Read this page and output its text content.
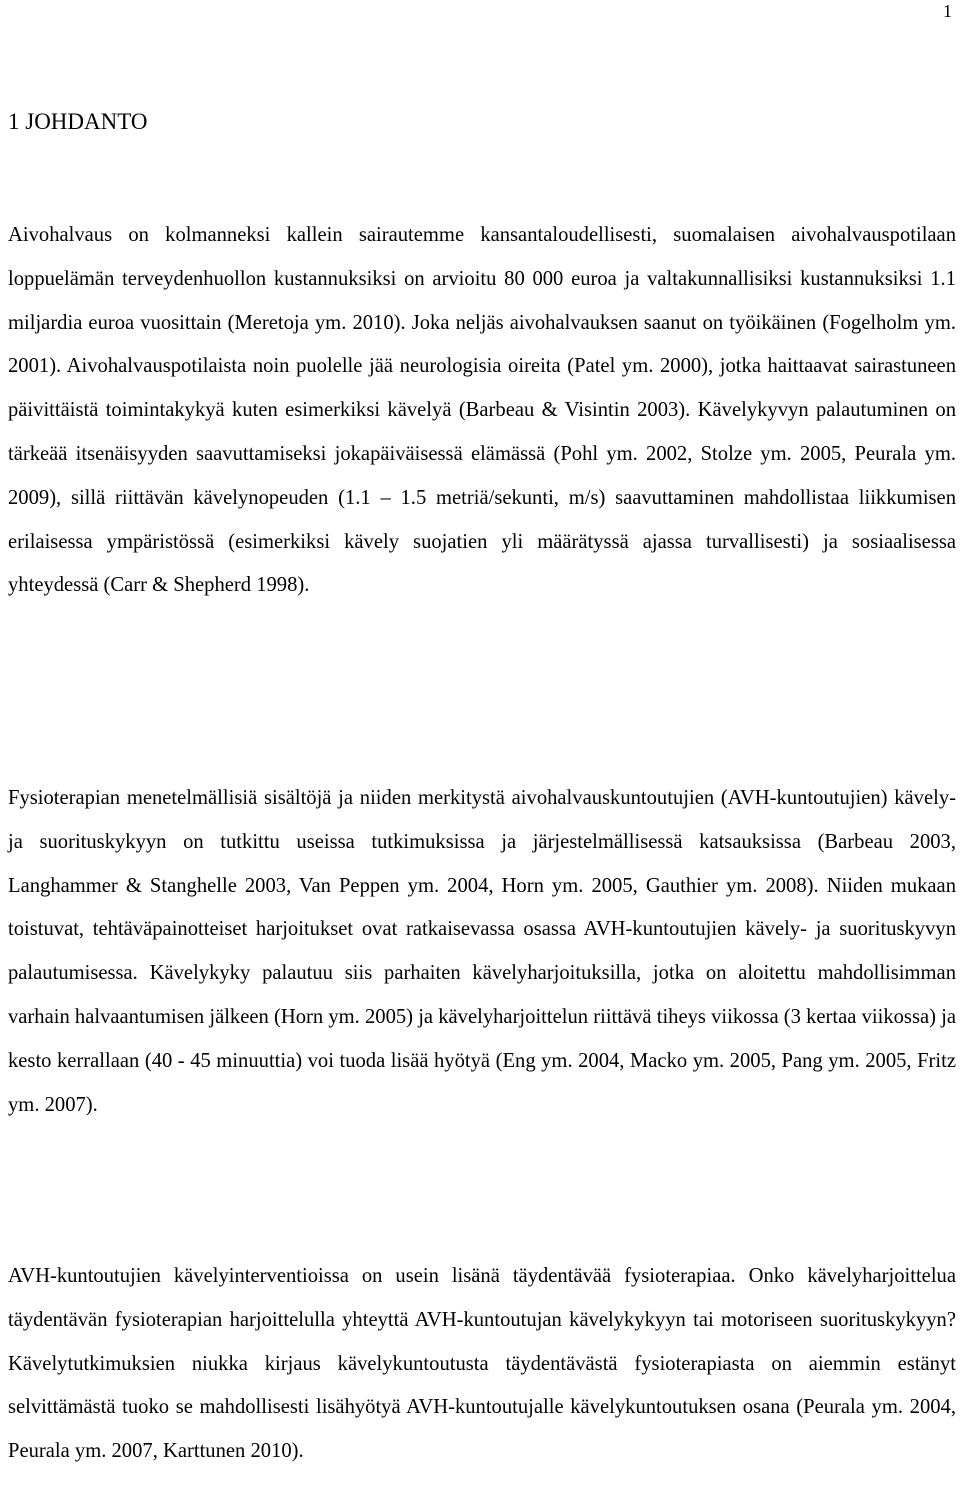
1
1 JOHDANTO

Aivohalvaus on kolmanneksi kallein sairautemme kansantaloudellisesti, suomalaisen aivohalvauspotilaan loppuelämän terveydenhuollon kustannuksiksi on arvioitu 80 000 euroa ja valtakunnallisiksi kustannuksiksi 1.1 miljardia euroa vuosittain (Meretoja ym. 2010). Joka neljäs aivohalvauksen saanut on työikäinen (Fogelholm ym. 2001). Aivohalvauspotilaista noin puolelle jää neurologisia oireita (Patel ym. 2000), jotka haittaavat sairastuneen päivittäistä toimintakykyä kuten esimerkiksi kävelyä (Barbeau & Visintin 2003). Kävelykyvyn palautuminen on tärkeää itsenäisyyden saavuttamiseksi jokapäiväisessä elämässä (Pohl ym. 2002, Stolze ym. 2005, Peurala ym. 2009), sillä riittävän kävelynopeuden (1.1 – 1.5 metriä/sekunti, m/s) saavuttaminen mahdollistaa liikkumisen erilaisessa ympäristössä (esimerkiksi kävely suojatien yli määrätyssä ajassa turvallisesti) ja sosiaalisessa yhteydessä (Carr & Shepherd 1998).

Fysioterapian menetelmällisiä sisältöjä ja niiden merkitystä aivohalvauskuntoutujien (AVH-kuntoutujien) kävely- ja suorituskykyyn on tutkittu useissa tutkimuksissa ja järjestelmällisessä katsauksissa (Barbeau 2003, Langhammer & Stanghelle 2003, Van Peppen ym. 2004, Horn ym. 2005, Gauthier ym. 2008). Niiden mukaan toistuvat, tehtäväpainotteiset harjoitukset ovat ratkaisevassa osassa AVH-kuntoutujien kävely- ja suorituskyvyn palautumisessa. Kävelykyky palautuu siis parhaiten kävelyharjoituksilla, jotka on aloitettu mahdollisimman varhain halvaantumisen jälkeen (Horn ym. 2005) ja kävelyharjoittelun riittävä tiheys viikossa (3 kertaa viikossa) ja kesto kerrallaan (40 - 45 minuuttia) voi tuoda lisää hyötyä (Eng ym. 2004, Macko ym. 2005, Pang ym. 2005, Fritz ym. 2007).

AVH-kuntoutujien kävelyinterventioissa on usein lisänä täydentävää fysioterapiaa. Onko kävelyharjoittelua täydentävän fysioterapian harjoittelulla yhteyttä AVH-kuntoutujan kävelykykyyn tai motoriseen suorituskykyyn? Kävelytutkimuksien niukka kirjaus kävelykuntoutusta täydentävästä fysioterapiasta on aiemmin estänyt selvittämästä tuoko se mahdollisesti lisähyötyä AVH-kuntoutujalle kävelykuntoutuksen osana (Peurala ym. 2004, Peurala ym. 2007, Karttunen 2010).
